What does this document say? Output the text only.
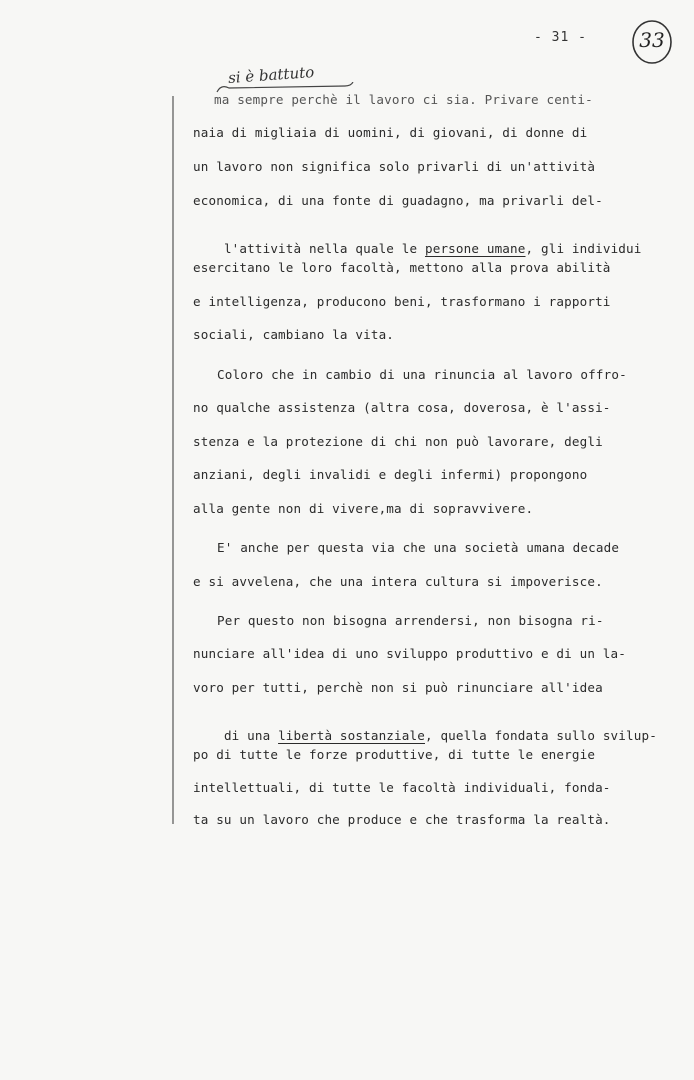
- 31 -	33
si è battuto
ma sempre perchè il lavoro ci sia. Privare centi-
naia di migliaia di uomini, di giovani, di donne di
un lavoro non significa solo privarli di un'attività
economica, di una fonte di guadagno, ma privarli del-

l'attività nella quale le persone umane, gli individui

esercitano le loro facoltà, mettono alla prova abilità
e intelligenza, producono beni, trasformano i rapporti
sociali, cambiano la vita.
Coloro che in cambio di una rinuncia al lavoro offro-
no qualche assistenza (altra cosa, doverosa, è l'assi-
stenza e la protezione di chi non può lavorare, degli
anziani, degli invalidi e degli infermi) propongono
alla gente non di vivere,ma di sopravvivere.
E' anche per questa via che una società umana decade
e si avvelena, che una intera cultura si impoverisce.
Per questo non bisogna arrendersi, non bisogna ri-
nunciare all'idea di uno sviluppo produttivo e di un la-
voro per tutti, perchè non si può rinunciare all'idea

di una libertà sostanziale, quella fondata sullo svilup-

po di tutte le forze produttive, di tutte le energie
intellettuali, di tutte le facoltà individuali, fonda-
ta su un lavoro che produce e che trasforma la realtà.
